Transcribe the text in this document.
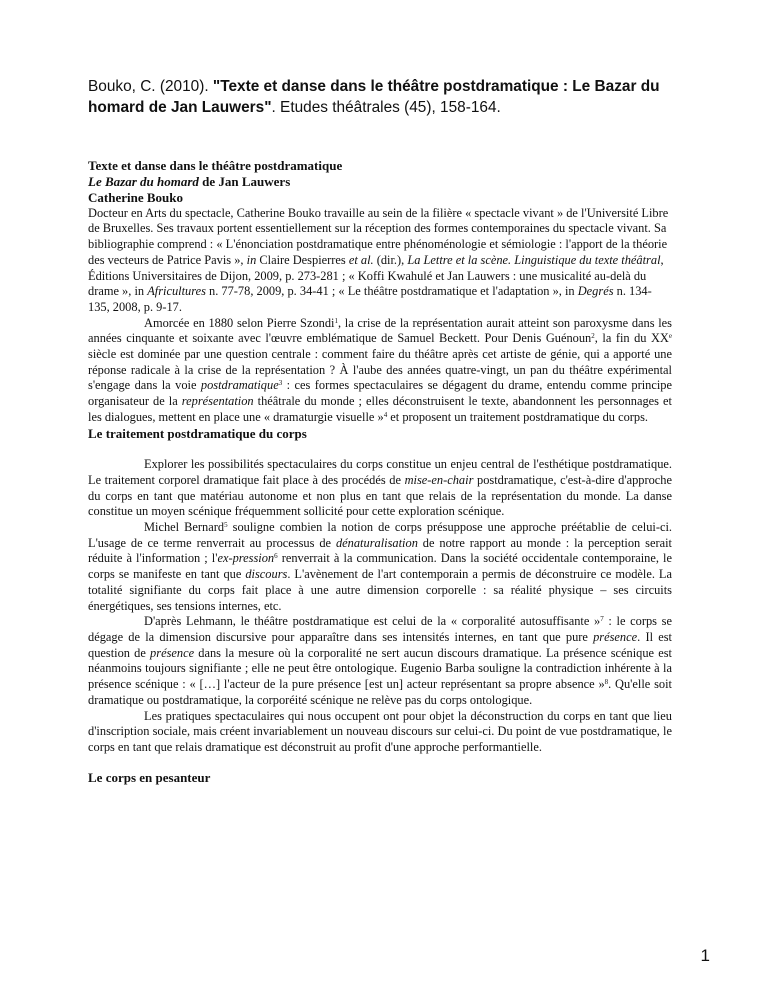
Bouko, C. (2010). "Texte et danse dans le théâtre postdramatique : Le Bazar du homard de Jan Lauwers". Etudes théâtrales (45), 158-164.
Texte et danse dans le théâtre postdramatique
Le Bazar du homard de Jan Lauwers

Catherine Bouko

Docteur en Arts du spectacle, Catherine Bouko travaille au sein de la filière « spectacle vivant » de l'Université Libre de Bruxelles. Ses travaux portent essentiellement sur la réception des formes contemporaines du spectacle vivant. Sa bibliographie comprend : « L'énonciation postdramatique entre phénoménologie et sémiologie : l'apport de la théorie des vecteurs de Patrice Pavis », in Claire Despierres et al. (dir.), La Lettre et la scène. Linguistique du texte théâtral, Éditions Universitaires de Dijon, 2009, p. 273-281 ; « Koffi Kwahulé et Jan Lauwers : une musicalité au-delà du drame », in Africultures n. 77-78, 2009, p. 34-41 ; « Le théâtre postdramatique et l'adaptation », in Degrés n. 134-135, 2008, p. 9-17.

Amorcée en 1880 selon Pierre Szondi$^1$, la crise de la représentation aurait atteint son paroxysme dans les années cinquante et soixante avec l'œuvre emblématique de Samuel Beckett. Pour Denis Guénoun$^2$, la fin du XXe siècle est dominée par une question centrale : comment faire du théâtre après cet artiste de génie, qui a apporté une réponse radicale à la crise de la représentation ? À l'aube des années quatre-vingt, un pan du théâtre expérimental s'engage dans la voie postdramatique$^3$ : ces formes spectaculaires se dégagent du drame, entendu comme principe organisateur de la représentation théâtrale du monde ; elles déconstruisent le texte, abandonnent les personnages et les dialogues, mettent en place une « dramaturgie visuelle »$^4$ et proposent un traitement postdramatique du corps.

Le traitement postdramatique du corps

Explorer les possibilités spectaculaires du corps constitue un enjeu central de l'esthétique postdramatique. Le traitement corporel dramatique fait place à des procédés de mise-en-chair postdramatique, c'est-à-dire d'approche du corps en tant que matériau autonome et non plus en tant que relais de la représentation du monde. La danse constitue un moyen scénique fréquemment sollicité pour cette exploration scénique.

Michel Bernard$^5$ souligne combien la notion de corps présuppose une approche préétablie de celui-ci. L'usage de ce terme renverrait au processus de dénaturalisation de notre rapport au monde : la perception serait réduite à l'information ; l'ex-pression$^6$ renverrait à la communication. Dans la société occidentale contemporaine, le corps se manifeste en tant que discours. L'avènement de l'art contemporain a permis de déconstruire ce modèle. La totalité signifiante du corps fait place à une autre dimension corporelle : sa réalité physique – ses circuits énergétiques, ses tensions internes, etc.

D'après Lehmann, le théâtre postdramatique est celui de la « corporalité autosuffisante »$^7$ : le corps se dégage de la dimension discursive pour apparaître dans ses intensités internes, en tant que pure présence. Il est question de présence dans la mesure où la corporalité ne sert aucun discours dramatique. La présence scénique est néanmoins toujours signifiante ; elle ne peut être ontologique. Eugenio Barba souligne la contradiction inhérente à la présence scénique : « […] l'acteur de la pure présence [est un] acteur représentant sa propre absence »$^8$. Qu'elle soit dramatique ou postdramatique, la corporéité scénique ne relève pas du corps ontologique.

Les pratiques spectaculaires qui nous occupent ont pour objet la déconstruction du corps en tant que lieu d'inscription sociale, mais créent invariablement un nouveau discours sur celui-ci. Du point de vue postdramatique, le corps en tant que relais dramatique est déconstruit au profit d'une approche performantielle.

Le corps en pesanteur

1
